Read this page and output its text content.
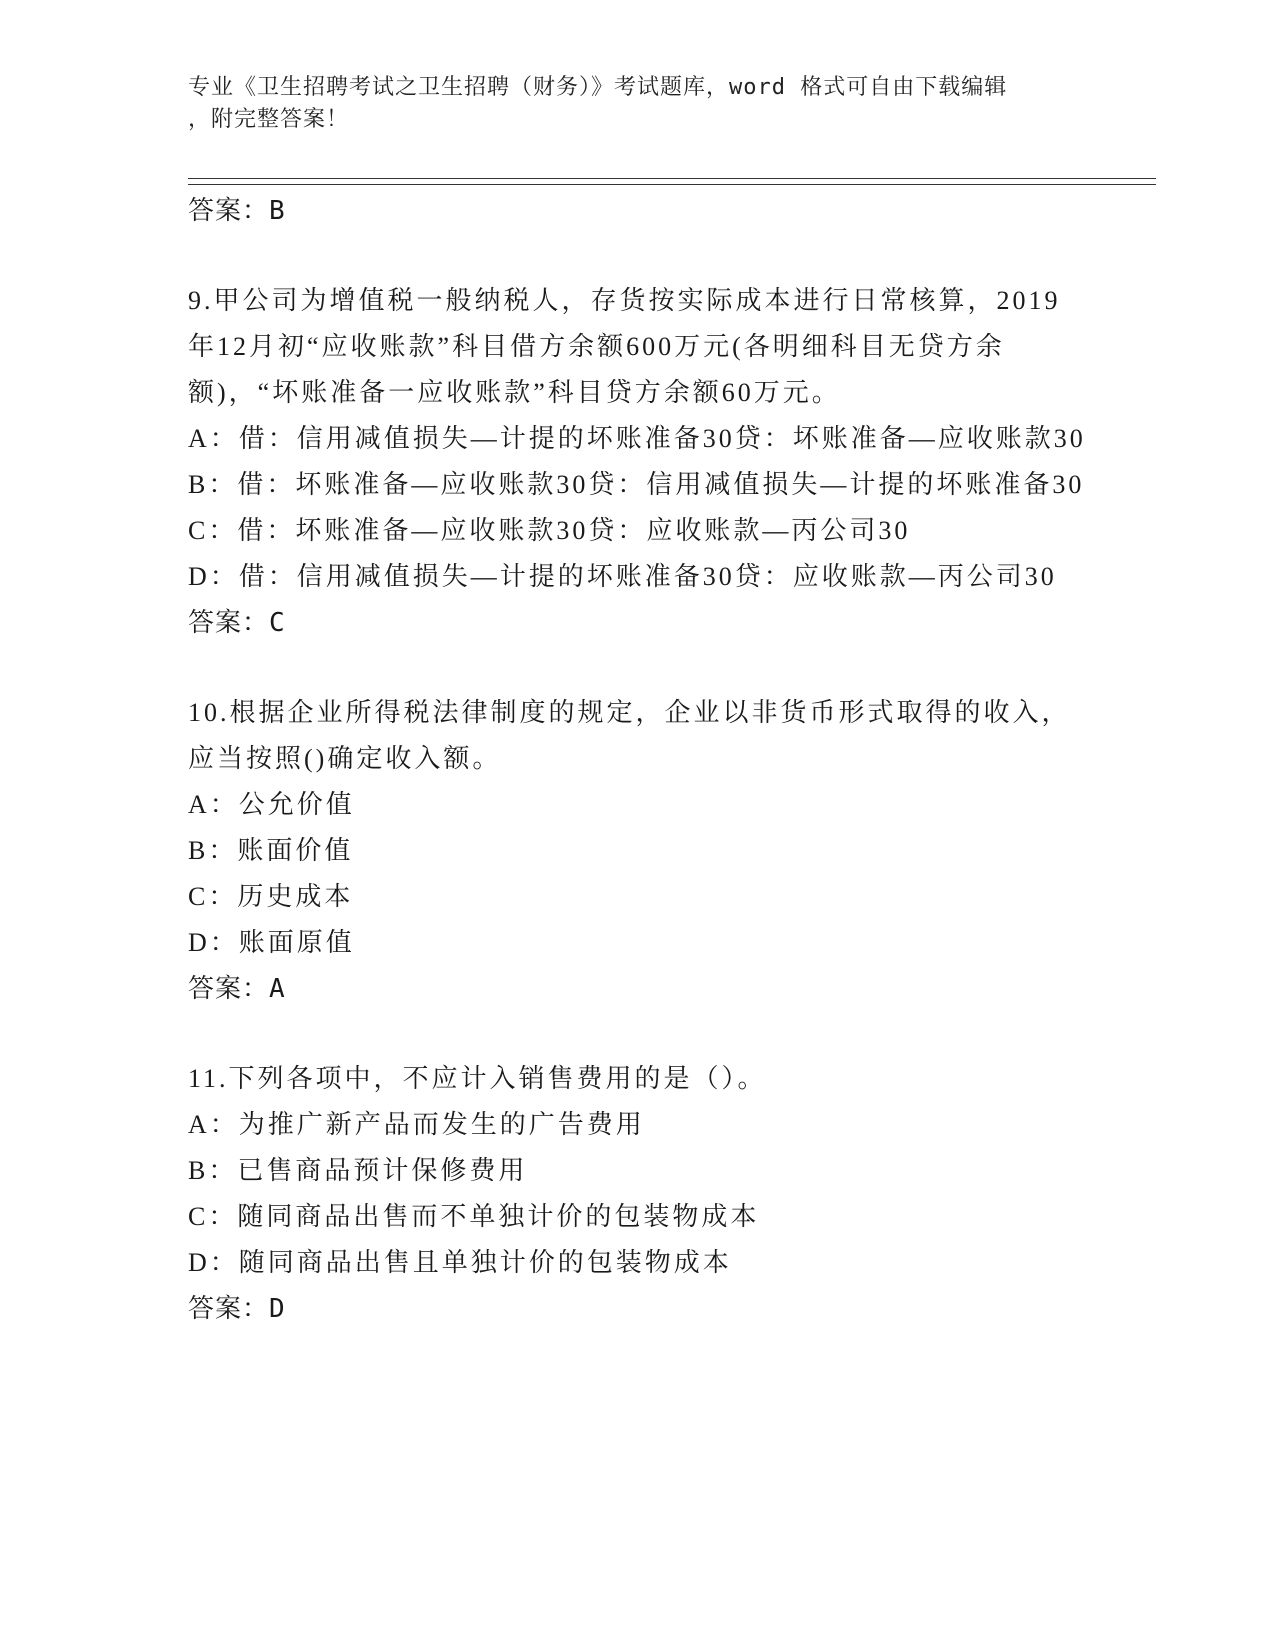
专业《卫生招聘考试之卫生招聘（财务）》考试题库，word 格式可自由下载编辑
，附完整答案！

答案：B

9.甲公司为增值税一般纳税人，存货按实际成本进行日常核算，2019年12月初“应收账款”科目借方余额600万元(各明细科目无贷方余额)，“坏账准备一应收账款”科目贷方余额60万元。

A：借：信用减值损失—计提的坏账准备30贷：坏账准备—应收账款30

B：借：坏账准备—应收账款30贷：信用减值损失—计提的坏账准备30

C：借：坏账准备—应收账款30贷：应收账款—丙公司30

D：借：信用减值损失—计提的坏账准备30贷：应收账款—丙公司30

答案：C

10.根据企业所得税法律制度的规定，企业以非货币形式取得的收入，应当按照()确定收入额。

A：公允价值

B：账面价值

C：历史成本

D：账面原值

答案：A

11.下列各项中，不应计入销售费用的是（）。

A：为推广新产品而发生的广告费用

B：已售商品预计保修费用

C：随同商品出售而不单独计价的包装物成本

D：随同商品出售且单独计价的包装物成本

答案：D
